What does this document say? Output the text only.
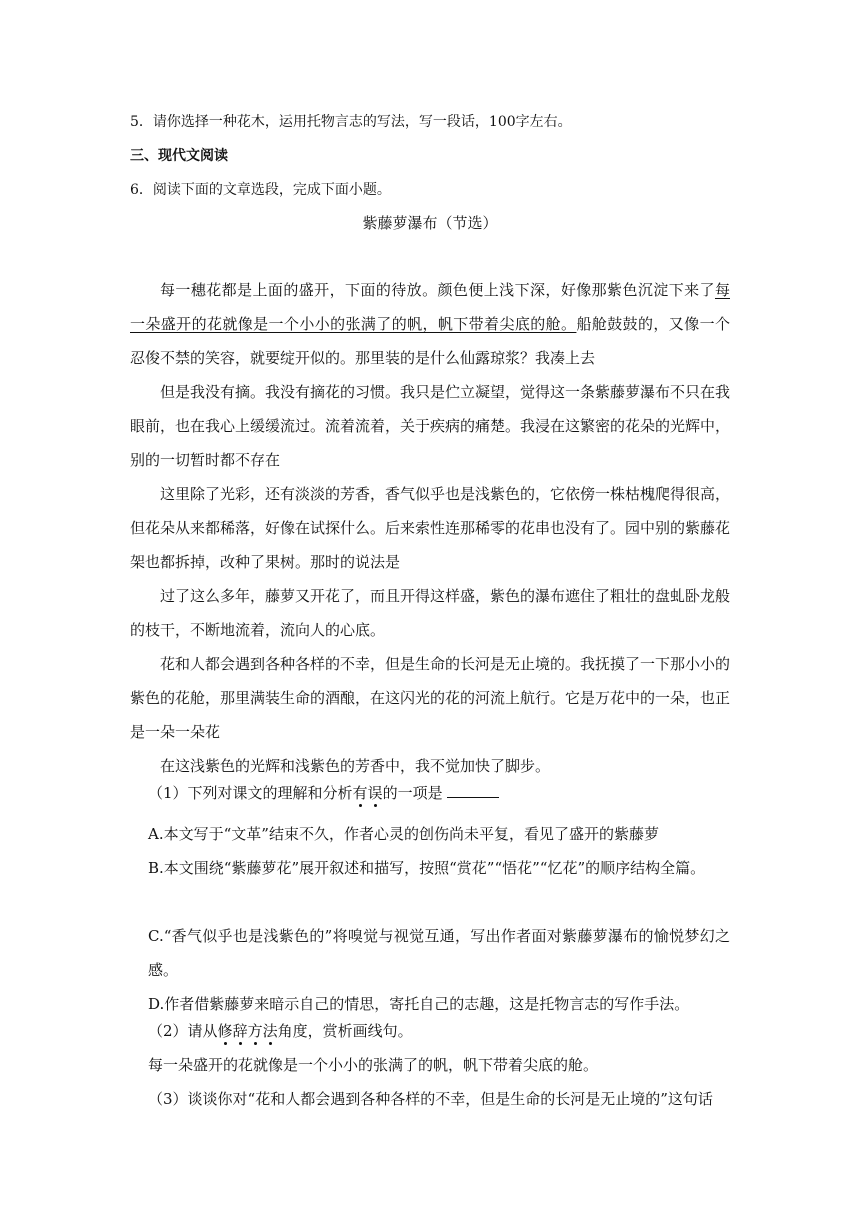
5．请你选择一种花木，运用托物言志的写法，写一段话，100字左右。
三、现代文阅读
6．阅读下面的文章选段，完成下面小题。
紫藤萝瀑布（节选）
每一穗花都是上面的盛开，下面的待放。颜色便上浅下深，好像那紫色沉淀下来了每一朵盛开的花就像是一个小小的张满了的帆，帆下带着尖底的舱。船舱鼓鼓的，又像一个忍俊不禁的笑容，就要绽开似的。那里装的是什么仙露琼浆？我凑上去
但是我没有摘。我没有摘花的习惯。我只是伫立凝望，觉得这一条紫藤萝瀑布不只在我眼前，也在我心上缓缓流过。流着流着，关于疾病的痛楚。我浸在这繁密的花朵的光辉中，别的一切暂时都不存在
这里除了光彩，还有淡淡的芳香，香气似乎也是浅紫色的，它依傍一株枯槐爬得很高，但花朵从来都稀落，好像在试探什么。后来索性连那稀零的花串也没有了。园中别的紫藤花架也都拆掉，改种了果树。那时的说法是
过了这么多年，藤萝又开花了，而且开得这样盛，紫色的瀑布遮住了粗壮的盘虬卧龙般的枝干，不断地流着，流向人的心底。
花和人都会遇到各种各样的不幸，但是生命的长河是无止境的。我抚摸了一下那小小的紫色的花舱，那里满装生命的酒酿，在这闪光的花的河流上航行。它是万花中的一朵，也正是一朵一朵花
在这浅紫色的光辉和浅紫色的芳香中，我不觉加快了脚步。
（1）下列对课文的理解和分析有误的一项是
A.本文写于“文革”结束不久，作者心灵的创伤尚未平复，看见了盛开的紫藤萝
B.本文围绕“紫藤萝花”展开叙述和描写，按照“赏花”“悟花”“忆花”的顺序结构全篇。
C.“香气似乎也是浅紫色的”将嗅觉与视觉互通，写出作者面对紫藤萝瀑布的愉悦梦幻之感。
D.作者借紫藤萝来暗示自己的情思，寄托自己的志趣，这是托物言志的写作手法。
（2）请从修辞方法角度，赏析画线句。
每一朵盛开的花就像是一个小小的张满了的帆，帆下带着尖底的舱。
（3）谈谈你对“花和人都会遇到各种各样的不幸，但是生命的长河是无止境的”这句话
